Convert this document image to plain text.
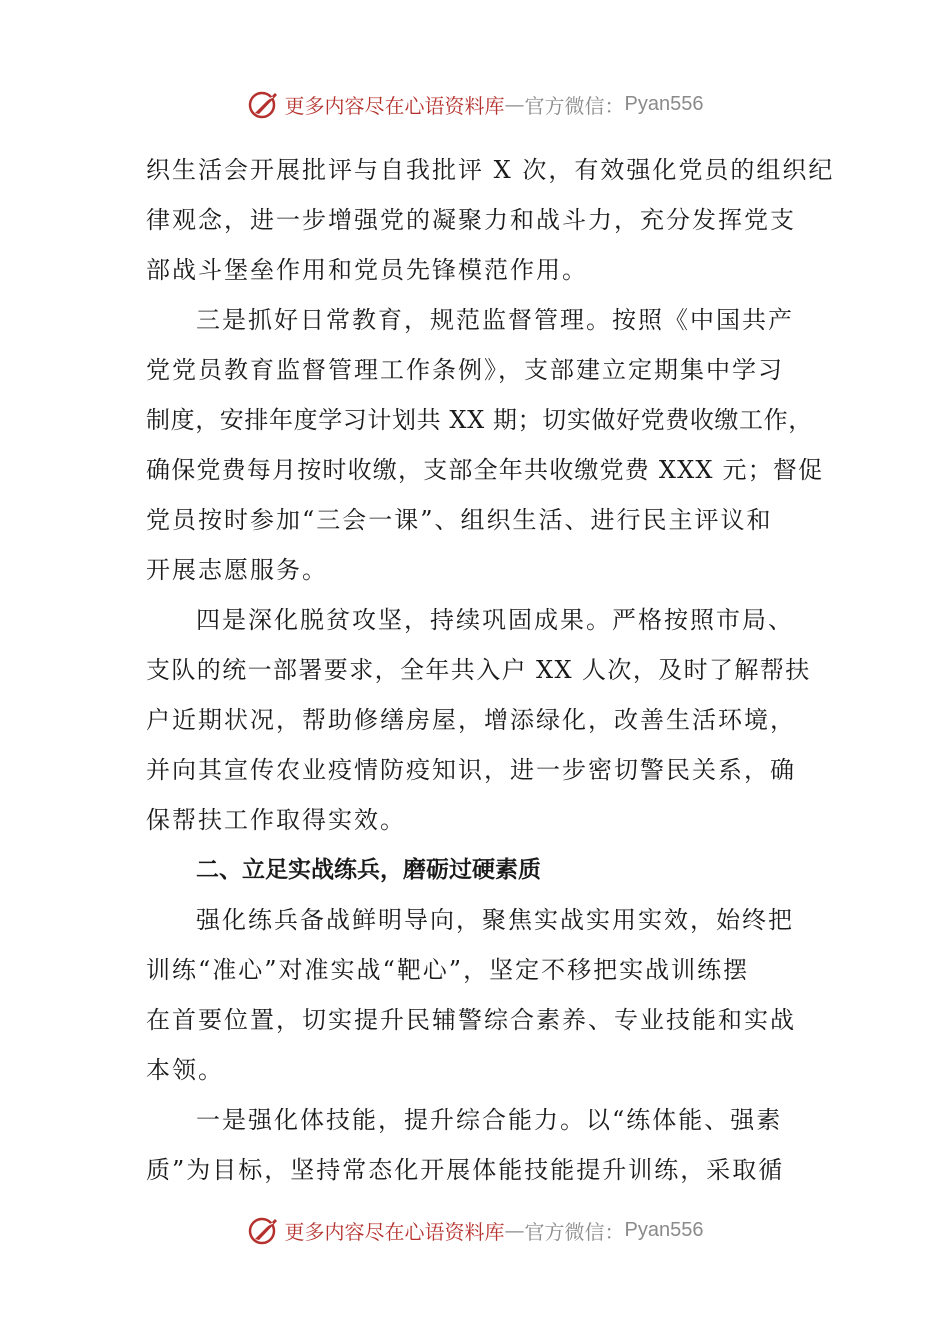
更多内容尽在心语资料库 — 官方微信： Pyan556
织生活会开展批评与自我批评 X 次，有效强化党员的组织纪
律观念，进一步增强党的凝聚力和战斗力，充分发挥党支
部战斗堡垒作用和党员先锋模范作用。
三是抓好日常教育，规范监督管理。按照《中国共产
党党员教育监督管理工作条例》，支部建立定期集中学习
制度，安排年度学习计划共 XX 期；切实做好党费收缴工作，
确保党费每月按时收缴，支部全年共收缴党费 XXX 元；督促
党员按时参加“三会一课”、组织生活、进行民主评议和
开展志愿服务。
四是深化脱贫攻坚，持续巩固成果。严格按照市局、
支队的统一部署要求，全年共入户 XX 人次，及时了解帮扶
户近期状况，帮助修缮房屋，增添绿化，改善生活环境，
并向其宣传农业疫情防疫知识，进一步密切警民关系，确
保帮扶工作取得实效。
二、立足实战练兵，磨砺过硬素质
强化练兵备战鲜明导向，聚焦实战实用实效，始终把
训练“准心”对准实战“靶心”，坚定不移把实战训练摆
在首要位置，切实提升民辅警综合素养、专业技能和实战
本领。
一是强化体技能，提升综合能力。以“练体能、强素
质”为目标，坚持常态化开展体能技能提升训练，采取循
更多内容尽在心语资料库 — 官方微信： Pyan556
